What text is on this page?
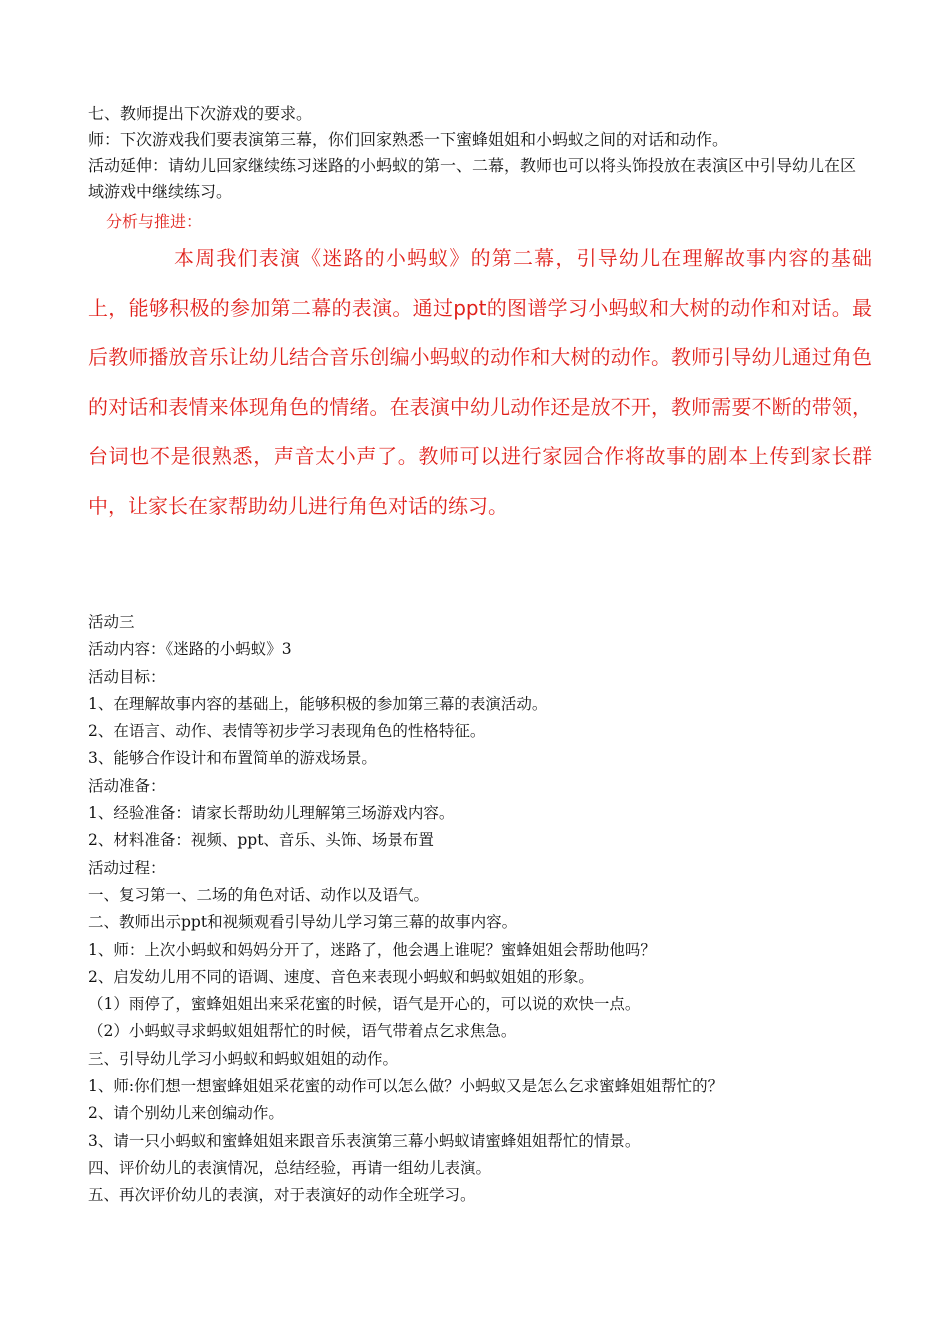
七、教师提出下次游戏的要求。
师：下次游戏我们要表演第三幕，你们回家熟悉一下蜜蜂姐姐和小蚂蚁之间的对话和动作。

活动延伸：请幼儿回家继续练习迷路的小蚂蚁的第一、二幕，教师也可以将头饰投放在表演区中引导幼儿在区域游戏中继续练习。

分析与推进：

本周我们表演《迷路的小蚂蚁》的第二幕，引导幼儿在理解故事内容的基础上，能够积极的参加第二幕的表演。通过ppt的图谱学习小蚂蚁和大树的动作和对话。最后教师播放音乐让幼儿结合音乐创编小蚂蚁的动作和大树的动作。教师引导幼儿通过角色的对话和表情来体现角色的情绪。在表演中幼儿动作还是放不开，教师需要不断的带领，台词也不是很熟悉，声音太小声了。教师可以进行家园合作将故事的剧本上传到家长群中，让家长在家帮助幼儿进行角色对话的练习。

活动三
活动内容：《迷路的小蚂蚁》3
活动目标：
1、在理解故事内容的基础上，能够积极的参加第三幕的表演活动。
2、在语言、动作、表情等初步学习表现角色的性格特征。
3、能够合作设计和布置简单的游戏场景。
活动准备：
1、经验准备：请家长帮助幼儿理解第三场游戏内容。
2、材料准备：视频、ppt、音乐、头饰、场景布置
活动过程：
一、复习第一、二场的角色对话、动作以及语气。
二、教师出示ppt和视频观看引导幼儿学习第三幕的故事内容。
1、师：上次小蚂蚁和妈妈分开了，迷路了，他会遇上谁呢？蜜蜂姐姐会帮助他吗？
2、启发幼儿用不同的语调、速度、音色来表现小蚂蚁和蚂蚁姐姐的形象。
（1）雨停了，蜜蜂姐姐出来采花蜜的时候，语气是开心的，可以说的欢快一点。
（2）小蚂蚁寻求蚂蚁姐姐帮忙的时候，语气带着点乞求焦急。
三、引导幼儿学习小蚂蚁和蚂蚁姐姐的动作。
1、师:你们想一想蜜蜂姐姐采花蜜的动作可以怎么做？小蚂蚁又是怎么乞求蜜蜂姐姐帮忙的？
2、请个别幼儿来创编动作。
3、请一只小蚂蚁和蜜蜂姐姐来跟音乐表演第三幕小蚂蚁请蜜蜂姐姐帮忙的情景。
四、评价幼儿的表演情况，总结经验，再请一组幼儿表演。
五、再次评价幼儿的表演，对于表演好的动作全班学习。
